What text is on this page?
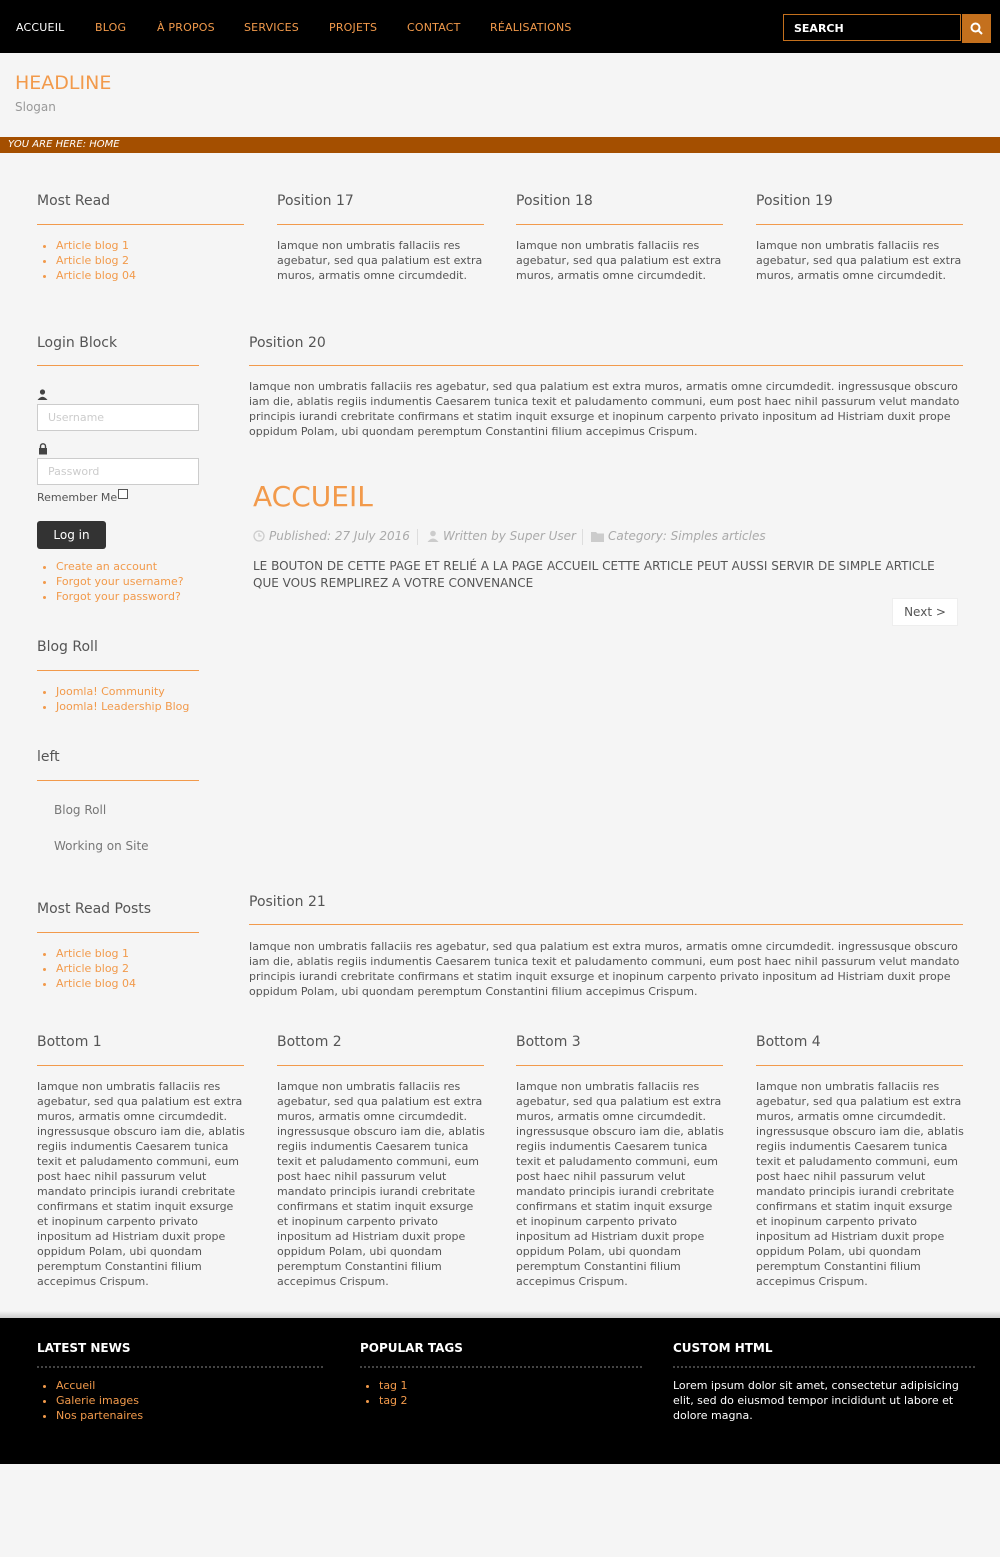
ACCUEIL	BLOG	À PROPOS	SERVICES	PROJETS	CONTACT	RÉALISATIONS	SEARCH
HEADLINE
Slogan
YOU ARE HERE: HOME
Most Read
• Article blog 1
• Article blog 2
• Article blog 04
Position 17
Iamque non umbratis fallaciis res agebatur, sed qua palatium est extra muros, armatis omne circumdedit.
Position 18
Iamque non umbratis fallaciis res agebatur, sed qua palatium est extra muros, armatis omne circumdedit.
Position 19
Iamque non umbratis fallaciis res agebatur, sed qua palatium est extra muros, armatis omne circumdedit.
Login Block
Username
Password
Remember Me
Log in
• Create an account
• Forgot your username?
• Forgot your password?
Blog Roll
• Joomla! Community
• Joomla! Leadership Blog
left
Blog Roll
Working on Site
Most Read Posts
• Article blog 1
• Article blog 2
• Article blog 04
Position 20
Iamque non umbratis fallaciis res agebatur, sed qua palatium est extra muros, armatis omne circumdedit. ingressusque obscuro iam die, ablatis regiis indumentis Caesarem tunica texit et paludamento communi, eum post haec nihil passurum velut mandato principis iurandi crebritate confirmans et statim inquit exsurge et inopinum carpento privato inpositum ad Histriam duxit prope oppidum Polam, ubi quondam peremptum Constantini filium accepimus Crispum.
ACCUEIL
Published: 27 July 2016	Written by Super User	Category: Simples articles
LE BOUTON DE CETTE PAGE ET RELIÉ A LA PAGE ACCUEIL CETTE ARTICLE PEUT AUSSI SERVIR DE SIMPLE ARTICLE QUE VOUS REMPLIREZ A VOTRE CONVENANCE
Next >
Position 21
Iamque non umbratis fallaciis res agebatur, sed qua palatium est extra muros, armatis omne circumdedit. ingressusque obscuro iam die, ablatis regiis indumentis Caesarem tunica texit et paludamento communi, eum post haec nihil passurum velut mandato principis iurandi crebritate confirmans et statim inquit exsurge et inopinum carpento privato inpositum ad Histriam duxit prope oppidum Polam, ubi quondam peremptum Constantini filium accepimus Crispum.
Bottom 1
Iamque non umbratis fallaciis res agebatur, sed qua palatium est extra muros, armatis omne circumdedit. ingressusque obscuro iam die, ablatis regiis indumentis Caesarem tunica texit et paludamento communi, eum post haec nihil passurum velut mandato principis iurandi crebritate confirmans et statim inquit exsurge et inopinum carpento privato inpositum ad Histriam duxit prope oppidum Polam, ubi quondam peremptum Constantini filium accepimus Crispum.
Bottom 2
Iamque non umbratis fallaciis res agebatur, sed qua palatium est extra muros, armatis omne circumdedit. ingressusque obscuro iam die, ablatis regiis indumentis Caesarem tunica texit et paludamento communi, eum post haec nihil passurum velut mandato principis iurandi crebritate confirmans et statim inquit exsurge et inopinum carpento privato inpositum ad Histriam duxit prope oppidum Polam, ubi quondam peremptum Constantini filium accepimus Crispum.
Bottom 3
Iamque non umbratis fallaciis res agebatur, sed qua palatium est extra muros, armatis omne circumdedit. ingressusque obscuro iam die, ablatis regiis indumentis Caesarem tunica texit et paludamento communi, eum post haec nihil passurum velut mandato principis iurandi crebritate confirmans et statim inquit exsurge et inopinum carpento privato inpositum ad Histriam duxit prope oppidum Polam, ubi quondam peremptum Constantini filium accepimus Crispum.
Bottom 4
Iamque non umbratis fallaciis res agebatur, sed qua palatium est extra muros, armatis omne circumdedit. ingressusque obscuro iam die, ablatis regiis indumentis Caesarem tunica texit et paludamento communi, eum post haec nihil passurum velut mandato principis iurandi crebritate confirmans et statim inquit exsurge et inopinum carpento privato inpositum ad Histriam duxit prope oppidum Polam, ubi quondam peremptum Constantini filium accepimus Crispum.
LATEST NEWS
• Accueil
• Galerie images
• Nos partenaires
POPULAR TAGS
• tag 1
• tag 2
CUSTOM HTML
Lorem ipsum dolor sit amet, consectetur adipisicing elit, sed do eiusmod tempor incididunt ut labore et dolore magna.
